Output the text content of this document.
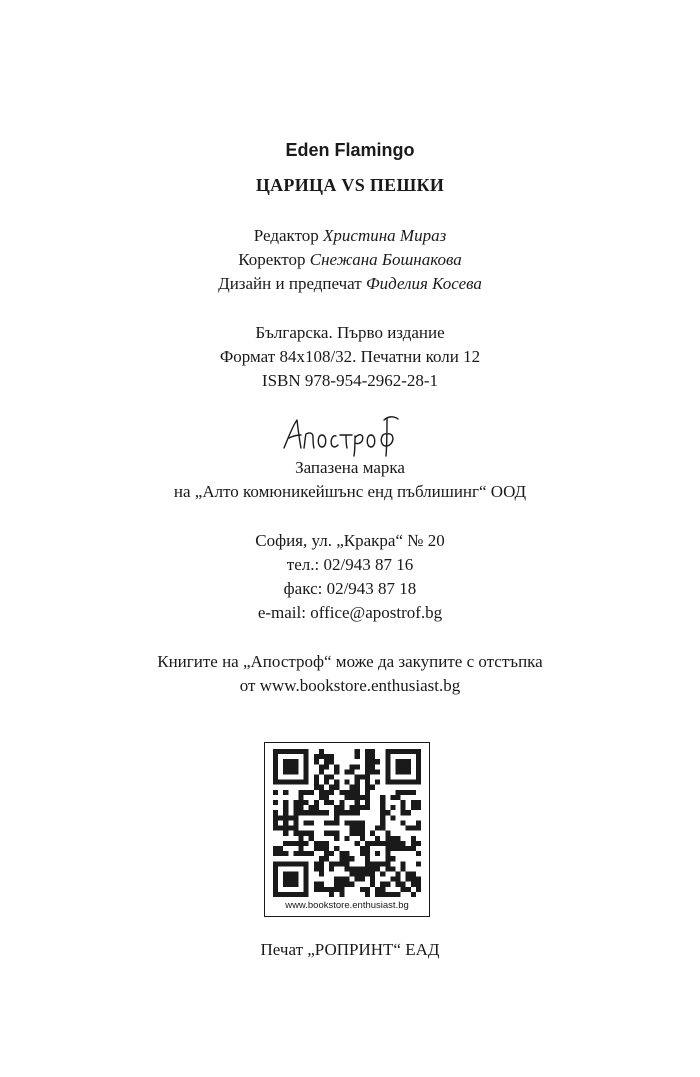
Eden Flamingo
ЦАРИЦА VS ПЕШКИ
Редактор Христина Мираз
Коректор Снежана Бошнакова
Дизайн и предпечат Фиделия Косева
Българска. Първо издание
Формат 84x108/32. Печатни коли 12
ISBN 978-954-2962-28-1
Запазена марка
на „Алто комюникейшънс енд пъблишинг“ ООД
София, ул. „Кракра“ № 20
тел.: 02/943 87 16
факс: 02/943 87 18
e-mail: office@apostrof.bg
Книгите на „Апостроф“ може да закупите с отстъпка
от www.bookstore.enthusiast.bg
www.bookstore.enthusiast.bg
Печат „РОПРИНТ“ ЕАД
